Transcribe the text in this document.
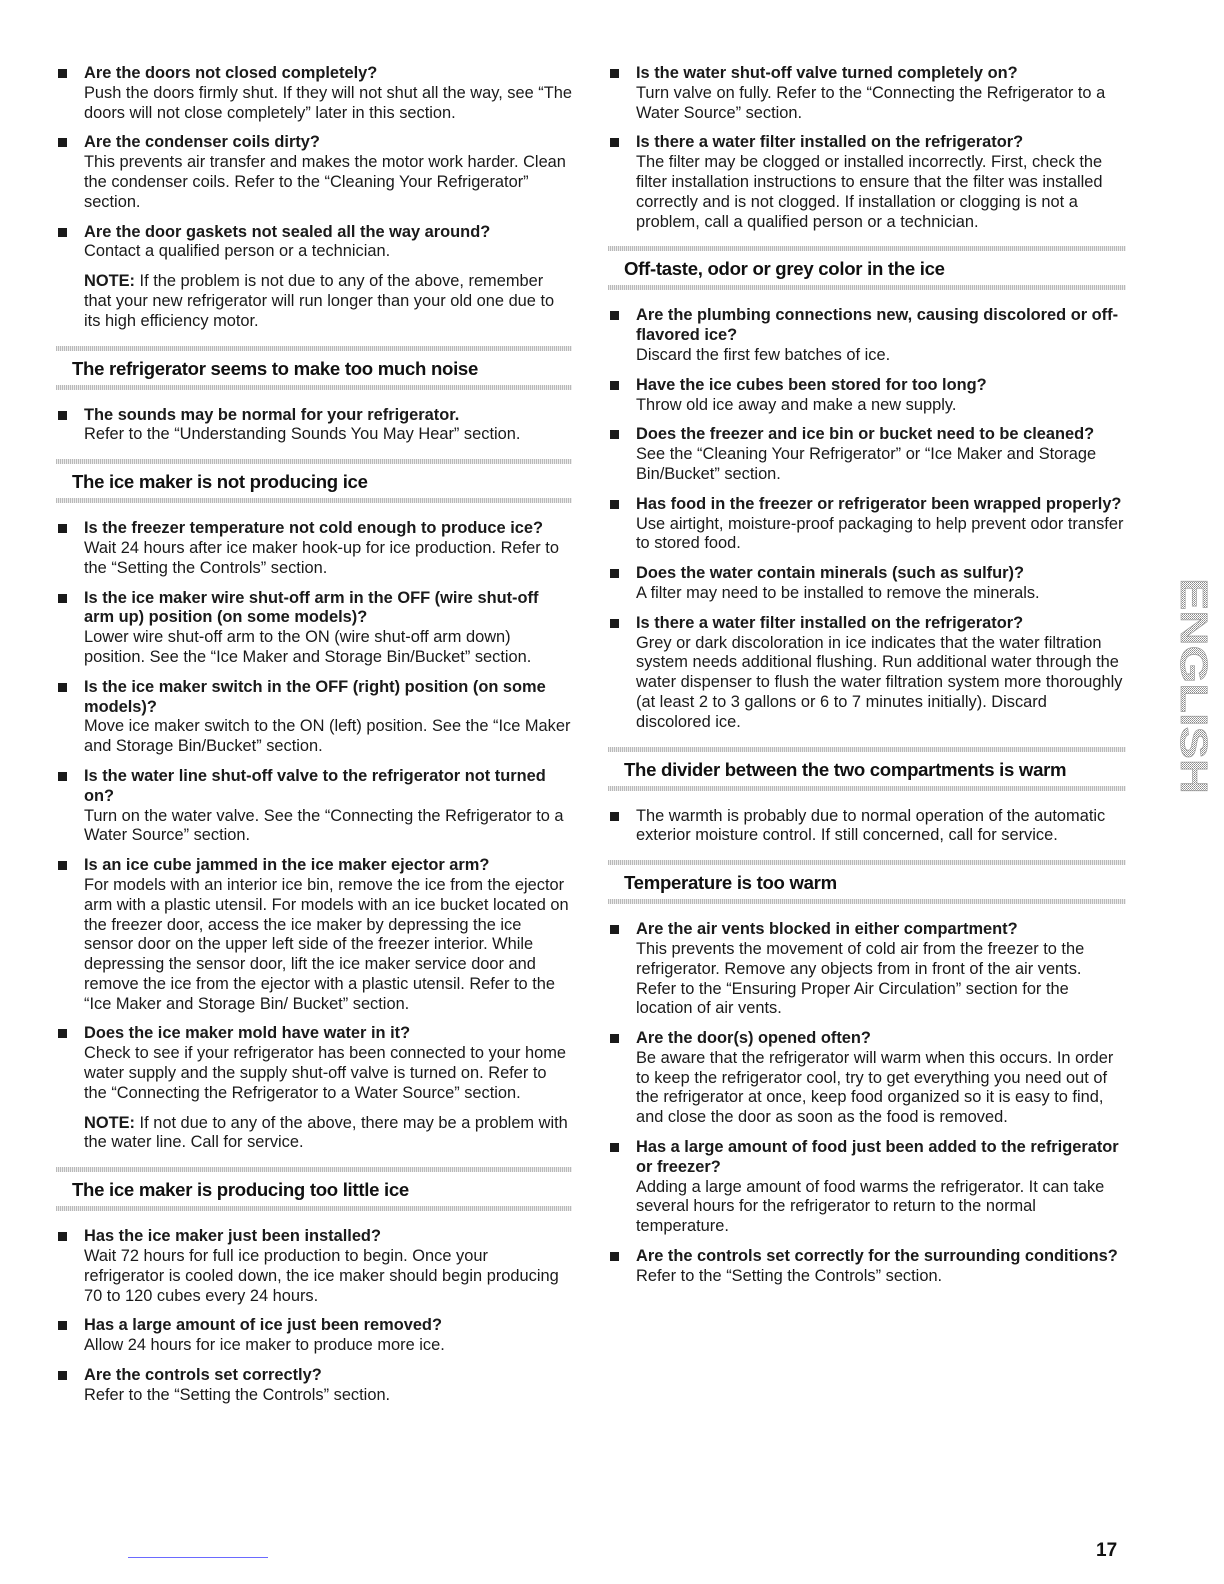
Are the doors not closed completely?
Push the doors firmly shut. If they will not shut all the way, see “The doors will not close completely” later in this section.
Are the condenser coils dirty?
This prevents air transfer and makes the motor work harder. Clean the condenser coils. Refer to the “Cleaning Your Refrigerator” section.
Are the door gaskets not sealed all the way around?
Contact a qualified person or a technician.
NOTE: If the problem is not due to any of the above, remember that your new refrigerator will run longer than your old one due to its high efficiency motor.
The refrigerator seems to make too much noise
The sounds may be normal for your refrigerator.
Refer to the “Understanding Sounds You May Hear” section.
The ice maker is not producing ice
Is the freezer temperature not cold enough to produce ice?
Wait 24 hours after ice maker hook-up for ice production. Refer to the “Setting the Controls” section.
Is the ice maker wire shut-off arm in the OFF (wire shut-off arm up) position (on some models)?
Lower wire shut-off arm to the ON (wire shut-off arm down) position. See the “Ice Maker and Storage Bin/Bucket” section.
Is the ice maker switch in the OFF (right) position (on some models)?
Move ice maker switch to the ON (left) position. See the “Ice Maker and Storage Bin/Bucket” section.
Is the water line shut-off valve to the refrigerator not turned on?
Turn on the water valve. See the “Connecting the Refrigerator to a Water Source” section.
Is an ice cube jammed in the ice maker ejector arm?
For models with an interior ice bin, remove the ice from the ejector arm with a plastic utensil. For models with an ice bucket located on the freezer door, access the ice maker by depressing the ice sensor door on the upper left side of the freezer interior. While depressing the sensor door, lift the ice maker service door and remove the ice from the ejector with a plastic utensil. Refer to the “Ice Maker and Storage Bin/ Bucket” section.
Does the ice maker mold have water in it?
Check to see if your refrigerator has been connected to your home water supply and the supply shut-off valve is turned on. Refer to the “Connecting the Refrigerator to a Water Source” section.
NOTE: If not due to any of the above, there may be a problem with the water line. Call for service.
The ice maker is producing too little ice
Has the ice maker just been installed?
Wait 72 hours for full ice production to begin. Once your refrigerator is cooled down, the ice maker should begin producing 70 to 120 cubes every 24 hours.
Has a large amount of ice just been removed?
Allow 24 hours for ice maker to produce more ice.
Are the controls set correctly?
Refer to the “Setting the Controls” section.
Is the water shut-off valve turned completely on?
Turn valve on fully. Refer to the “Connecting the Refrigerator to a Water Source” section.
Is there a water filter installed on the refrigerator?
The filter may be clogged or installed incorrectly. First, check the filter installation instructions to ensure that the filter was installed correctly and is not clogged. If installation or clogging is not a problem, call a qualified person or a technician.
Off-taste, odor or grey color in the ice
Are the plumbing connections new, causing discolored or off-flavored ice?
Discard the first few batches of ice.
Have the ice cubes been stored for too long?
Throw old ice away and make a new supply.
Does the freezer and ice bin or bucket need to be cleaned?
See the “Cleaning Your Refrigerator” or “Ice Maker and Storage Bin/Bucket” section.
Has food in the freezer or refrigerator been wrapped properly?
Use airtight, moisture-proof packaging to help prevent odor transfer to stored food.
Does the water contain minerals (such as sulfur)?
A filter may need to be installed to remove the minerals.
Is there a water filter installed on the refrigerator?
Grey or dark discoloration in ice indicates that the water filtration system needs additional flushing. Run additional water through the water dispenser to flush the water filtration system more thoroughly (at least 2 to 3 gallons or 6 to 7 minutes initially). Discard discolored ice.
The divider between the two compartments is warm
The warmth is probably due to normal operation of the automatic exterior moisture control. If still concerned, call for service.
Temperature is too warm
Are the air vents blocked in either compartment?
This prevents the movement of cold air from the freezer to the refrigerator. Remove any objects from in front of the air vents. Refer to the “Ensuring Proper Air Circulation” section for the location of air vents.
Are the door(s) opened often?
Be aware that the refrigerator will warm when this occurs. In order to keep the refrigerator cool, try to get everything you need out of the refrigerator at once, keep food organized so it is easy to find, and close the door as soon as the food is removed.
Has a large amount of food just been added to the refrigerator or freezer?
Adding a large amount of food warms the refrigerator. It can take several hours for the refrigerator to return to the normal temperature.
Are the controls set correctly for the surrounding conditions?
Refer to the “Setting the Controls” section.
ENGLISH
17
